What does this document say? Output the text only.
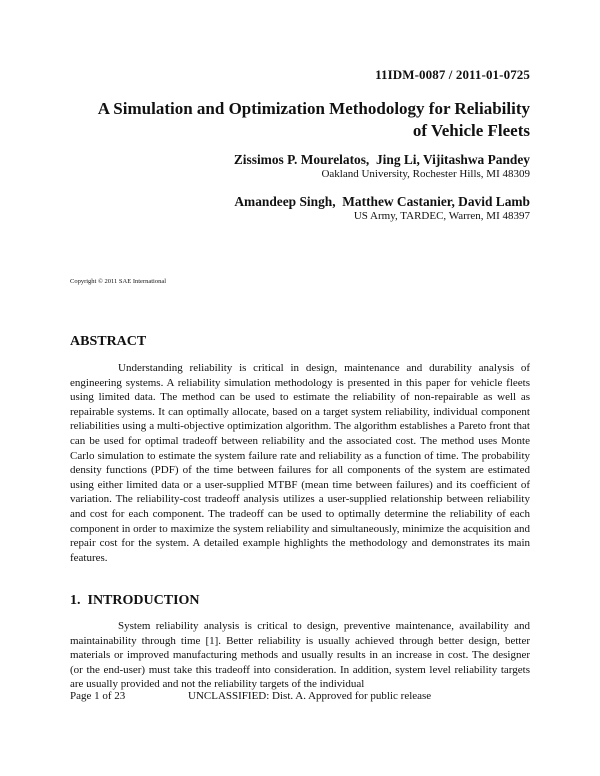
11IDM-0087 / 2011-01-0725
A Simulation and Optimization Methodology for Reliability
of Vehicle Fleets
Zissimos P. Mourelatos,  Jing Li, Vijitashwa Pandey
Oakland University, Rochester Hills, MI 48309
Amandeep Singh,  Matthew Castanier, David Lamb
US Army, TARDEC, Warren, MI 48397
Copyright © 2011 SAE International
ABSTRACT

Understanding reliability is critical in design, maintenance and durability analysis of engineering systems. A reliability simulation methodology is presented in this paper for vehicle fleets using limited data. The method can be used to estimate the reliability of non-repairable as well as repairable systems. It can optimally allocate, based on a target system reliability, individual component reliabilities using a multi-objective optimization algorithm. The algorithm establishes a Pareto front that can be used for optimal tradeoff between reliability and the associated cost. The method uses Monte Carlo simulation to estimate the system failure rate and reliability as a function of time. The probability density functions (PDF) of the time between failures for all components of the system are estimated using either limited data or a user-supplied MTBF (mean time between failures) and its coefficient of variation. The reliability-cost tradeoff analysis utilizes a user-supplied relationship between reliability and cost for each component. The tradeoff can be used to optimally determine the reliability of each component in order to maximize the system reliability and simultaneously, minimize the acquisition and repair cost for the system. A detailed example highlights the methodology and demonstrates its main features.

1.  INTRODUCTION

System reliability analysis is critical to design, preventive maintenance, availability and maintainability through time [1]. Better reliability is usually achieved through better design, better materials or improved manufacturing methods and usually results in an increase in cost. The designer (or the end-user) must take this tradeoff into consideration. In addition, system level reliability targets are usually provided and not the reliability targets of the individual

Page 1 of 23	UNCLASSIFIED: Dist. A. Approved for public release
